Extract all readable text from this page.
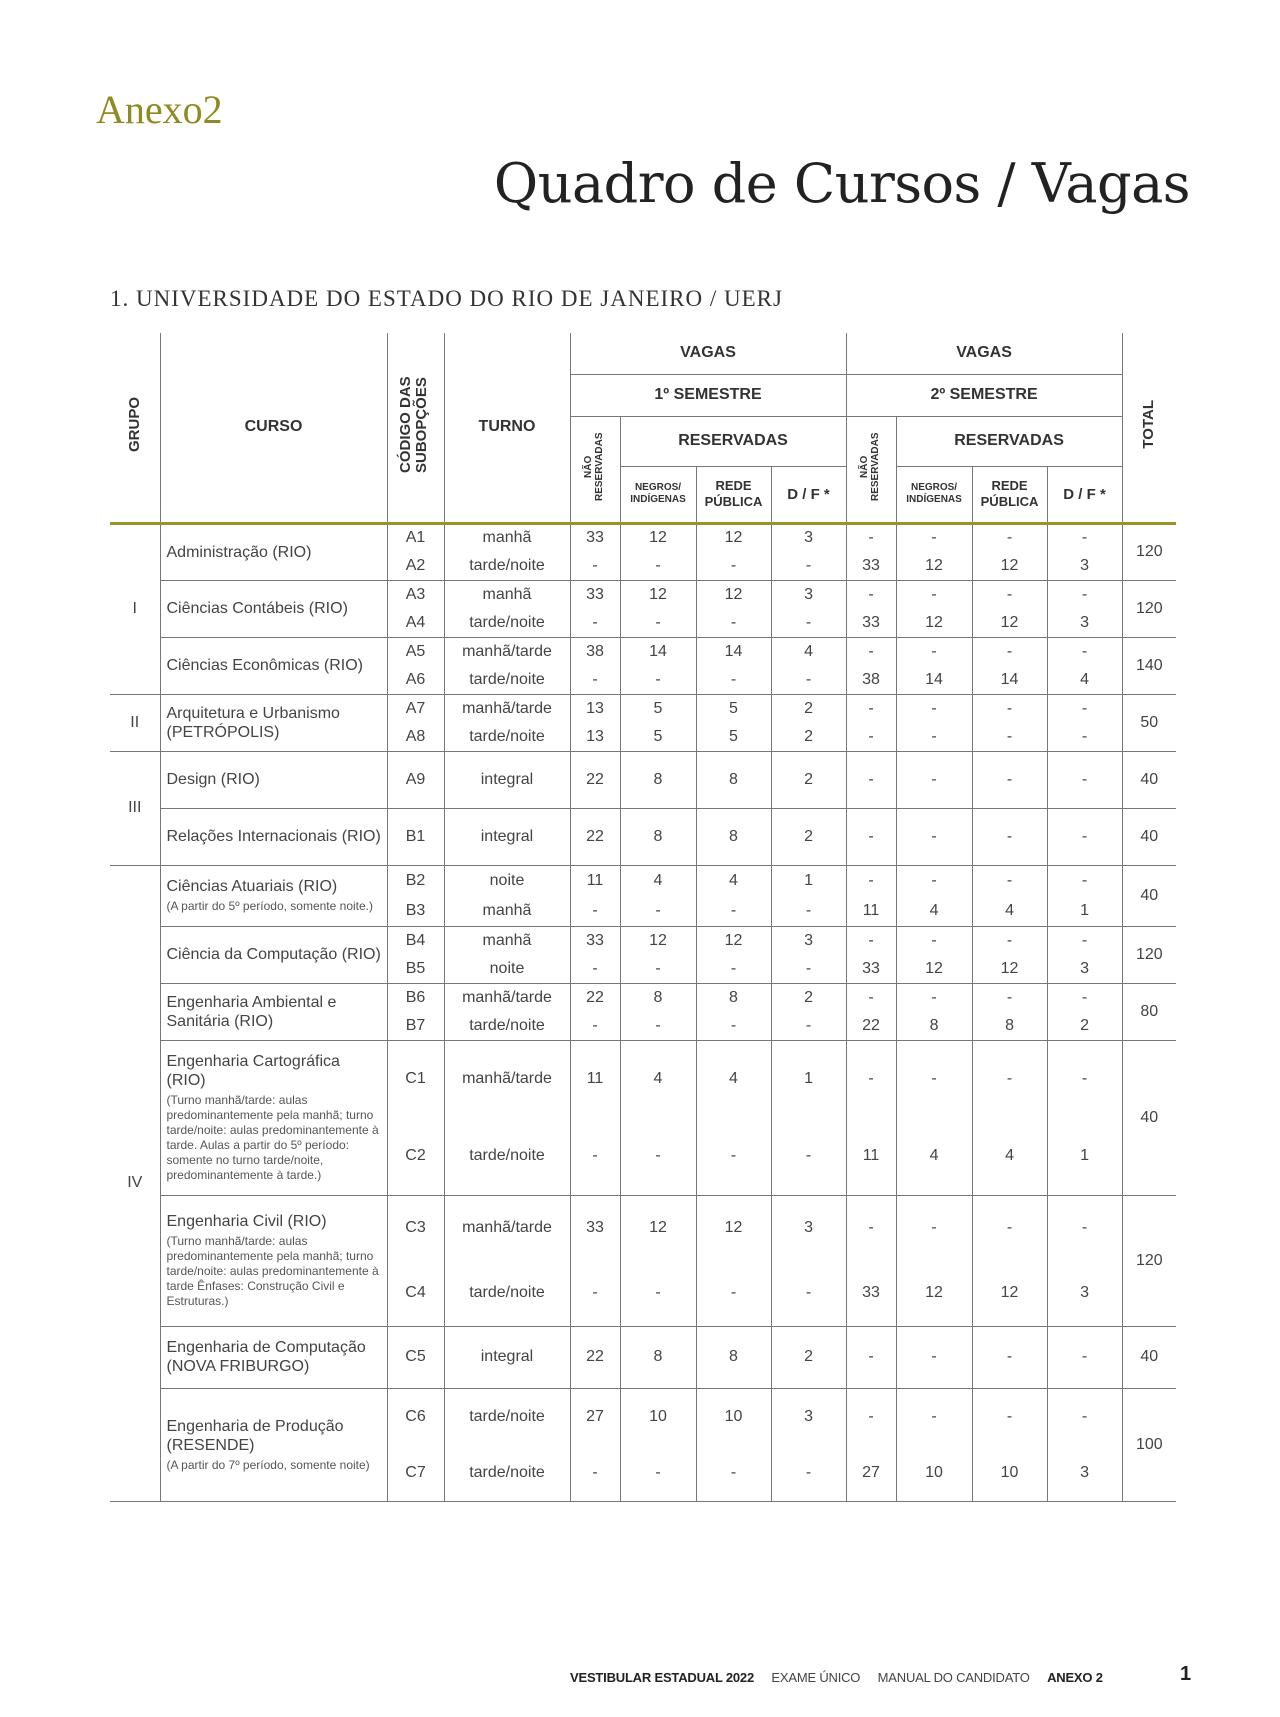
Anexo2
Quadro de Cursos / Vagas
1. UNIVERSIDADE DO ESTADO DO RIO DE JANEIRO / UERJ
GRUPO	CURSO	CÓDIGO DAS SUBOPÇÕES	TURNO	VAGAS				VAGAS				TOTAL
				1º SEMESTRE				2º SEMESTRE				
				NÃO RESERVADAS	RESERVADAS			NÃO RESERVADAS	RESERVADAS			
					NEGROS/ INDÍGENAS	REDE PÚBLICA	D / F *		NEGROS/ INDÍGENAS	REDE PÚBLICA	D / F *	
I	Administração (RIO)	A1	manhã	33	12	12	3	-	-	-	-	120
		A2	tarde/noite	-	-	-	-	33	12	12	3	

	Ciências Contábeis (RIO)	A3	manhã	33	12	12	3	-	-	-	-	120
		A4	tarde/noite	-	-	-	-	33	12	12	3	

	Ciências Econômicas (RIO)	A5	manhã/tarde	38	14	14	4	-	-	-	-	140
		A6	tarde/noite	-	-	-	-	38	14	14	4	
II	Arquitetura e Urbanismo (PETRÓPOLIS)	A7	manhã/tarde	13	5	5	2	-	-	-	-	50
		A8	tarde/noite	13	5	5	2	-	-	-	-	
III	Design (RIO)	A9	integral	22	8	8	2	-	-	-	-	40

	Relações Internacionais (RIO)	B1	integral	22	8	8	2	-	-	-	-	40
IV	Ciências Atuariais (RIO)
(A partir do 5º período, somente noite.)	B2	noite	11	4	4	1	-	-	-	-	40
		B3	manhã	-	-	-	-	11	4	4	1	

	Ciência da Computação (RIO)	B4	manhã	33	12	12	3	-	-	-	-	120
		B5	noite	-	-	-	-	33	12	12	3	

	Engenharia Ambiental e Sanitária (RIO)	B6	manhã/tarde	22	8	8	2	-	-	-	-	80
		B7	tarde/noite	-	-	-	-	22	8	8	2	

	Engenharia Cartográfica (RIO)
(Turno manhã/tarde: aulas predominantemente pela manhã; turno tarde/noite: aulas predominantemente à tarde. Aulas a partir do 5º período: somente no turno tarde/noite, predominantemente à tarde.)	C1	manhã/tarde	11	4	4	1	-	-	-	-	40
		C2	tarde/noite	-	-	-	-	11	4	4	1	

	Engenharia Civil (RIO)
(Turno manhã/tarde: aulas predominantemente pela manhã; turno tarde/noite: aulas predominantemente à tarde Ênfases: Construção Civil e Estruturas.)	C3	manhã/tarde	33	12	12	3	-	-	-	-	120
		C4	tarde/noite	-	-	-	-	33	12	12	3	

	Engenharia de Computação (NOVA FRIBURGO)	C5	integral	22	8	8	2	-	-	-	-	40

	Engenharia de Produção (RESENDE)
(A partir do 7º período, somente noite)	C6	tarde/noite	27	10	10	3	-	-	-	-	100
		C7	tarde/noite	-	-	-	-	27	10	10	3	
VESTIBULAR ESTADUAL 2022 EXAME ÚNICO MANUAL DO CANDIDATO ANEXO 2	1
